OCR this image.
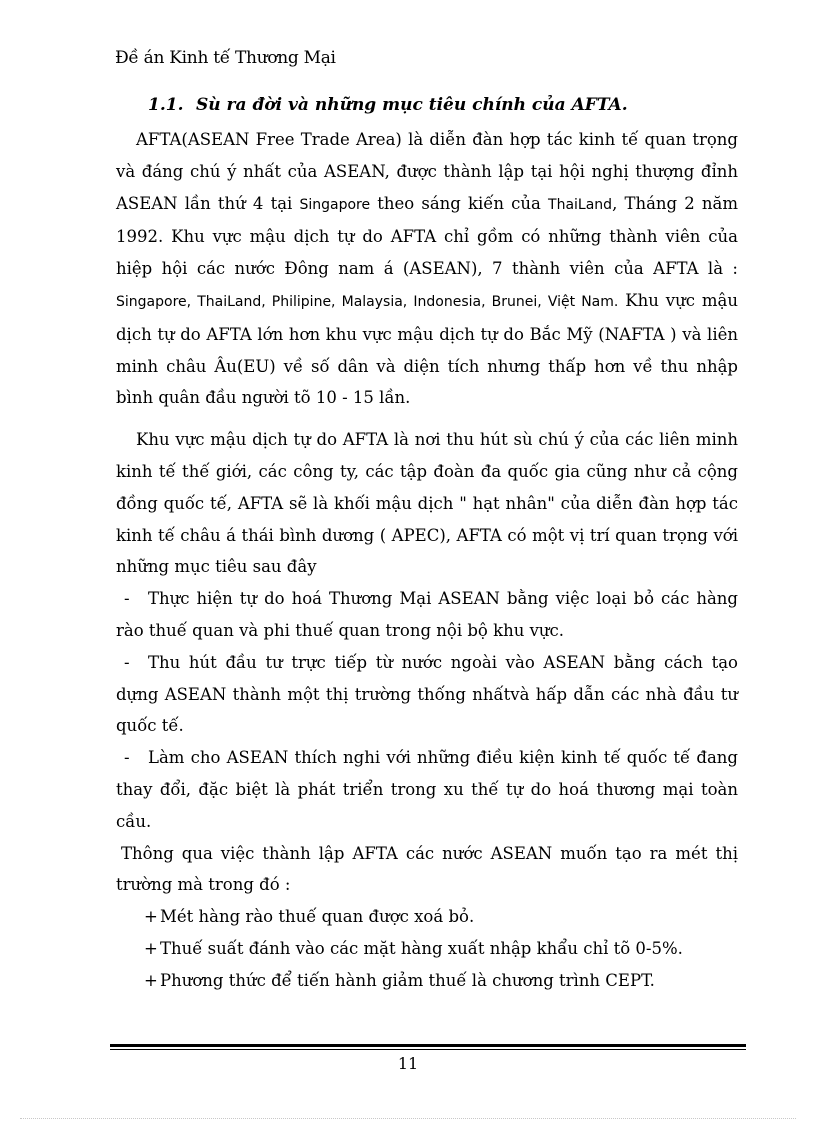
Đề án Kinh tế Thương Mại
1.1. Sù ra đời và những mục tiêu chính của AFTA.

AFTA(ASEAN Free Trade Area) là diễn đàn hợp tác kinh tế quan trọng và đáng chú ý nhất của ASEAN, được thành lập tại hội nghị thượng đỉnh ASEAN lần thứ 4 tại Singapore theo sáng kiến của ThaiLand, Tháng 2 năm 1992. Khu vực mậu dịch tự do AFTA chỉ gồm có những thành viên của hiệp hội các nước Đông nam á (ASEAN), 7 thành viên của AFTA là : Singapore, ThaiLand, Philipine, Malaysia, Indonesia, Brunei, Việt Nam. Khu vực mậu dịch tự do AFTA lớn hơn khu vực mậu dịch tự do Bắc Mỹ (NAFTA ) và liên minh châu Âu(EU) về số dân và diện tích nhưng thấp hơn về thu nhập bình quân đầu người tõ 10 - 15 lần.

Khu vực mậu dịch tự do AFTA là nơi thu hút sù chú ý của các liên minh kinh tế thế giới, các công ty, các tập đoàn đa quốc gia cũng như cả cộng đồng quốc tế, AFTA sẽ là khối mậu dịch " hạt nhân" của diễn đàn hợp tác kinh tế châu á thái bình dương ( APEC), AFTA có một vị trí quan trọng với những mục tiêu sau đây

- Thực hiện tự do hoá Thương Mại ASEAN bằng việc loại bỏ các hàng rào thuế quan và phi thuế quan trong nội bộ khu vực.

- Thu hút đầu tư trực tiếp từ nước ngoài vào ASEAN bằng cách tạo dựng ASEAN thành một thị trường thống nhấtvà hấp dẫn các nhà đầu tư quốc tế.

- Làm cho ASEAN thích nghi với những điều kiện kinh tế quốc tế đang thay đổi, đặc biệt là phát triển trong xu thế tự do hoá thương mại toàn cầu.

Thông qua việc thành lập AFTA các nước ASEAN muốn tạo ra mét thị trường mà trong đó :

+ Mét hàng rào thuế quan được xoá bỏ.

+ Thuế suất đánh vào các mặt hàng xuất nhập khẩu chỉ tõ 0-5%.

+ Phương thức để tiến hành giảm thuế là chương trình CEPT.

11
